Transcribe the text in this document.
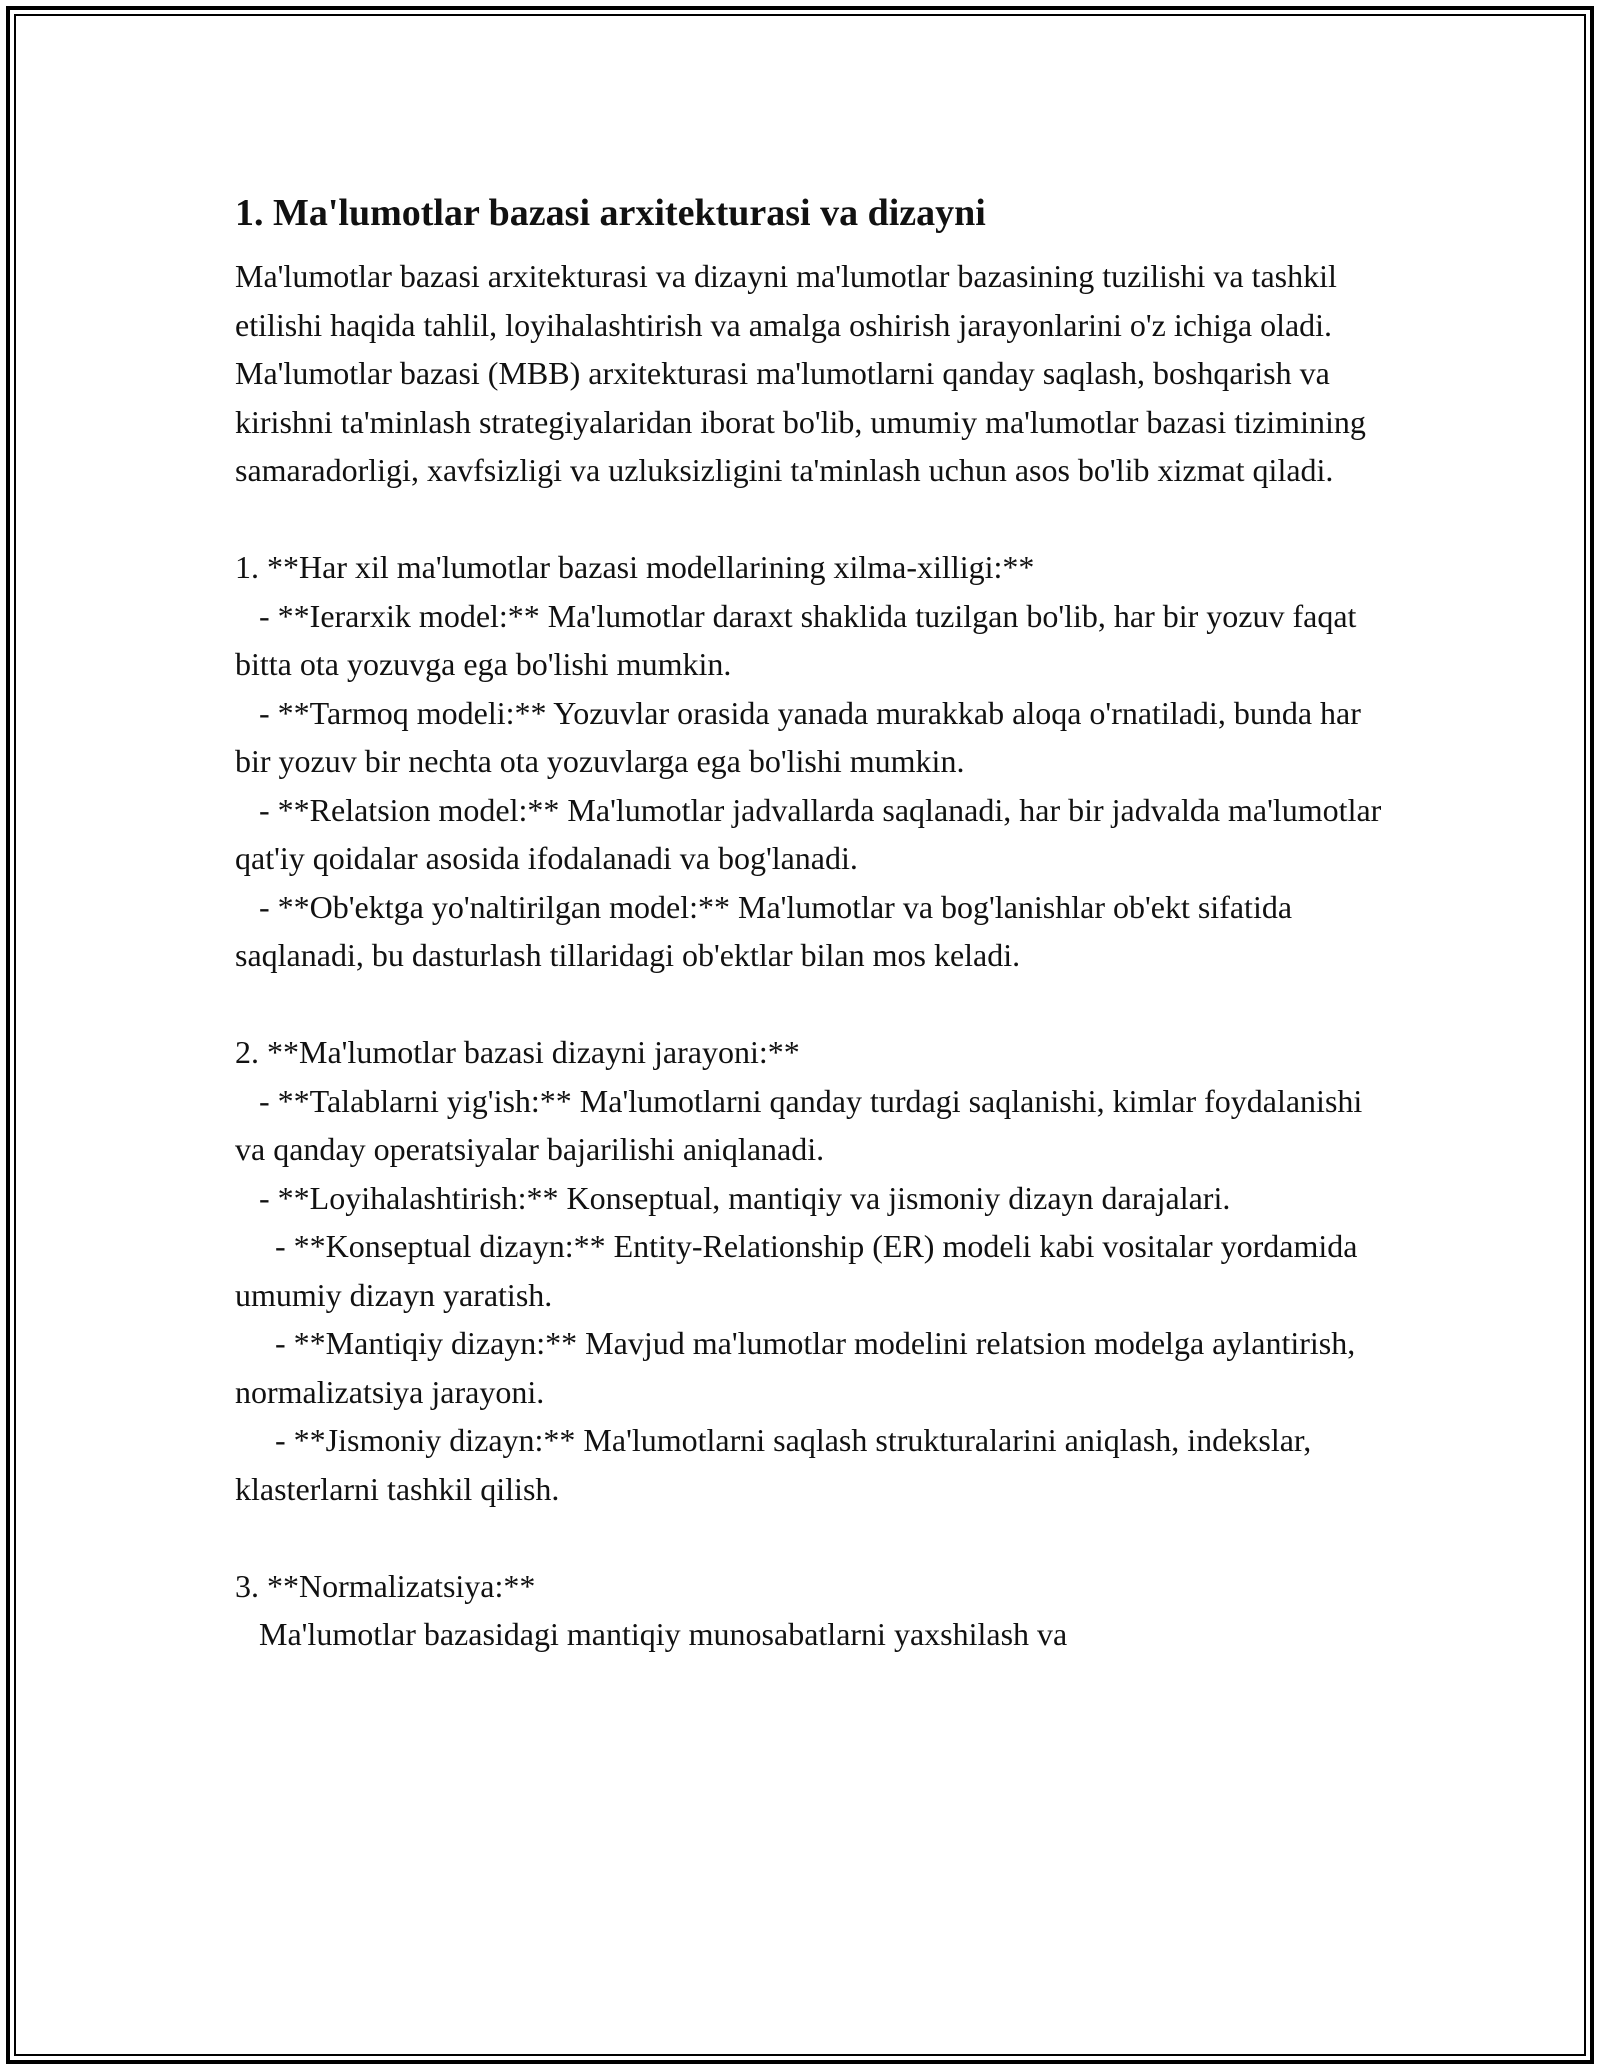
1. Ma'lumotlar bazasi arxitekturasi va dizayni

Ma'lumotlar bazasi arxitekturasi va dizayni ma'lumotlar bazasining tuzilishi va tashkil etilishi haqida tahlil, loyihalashtirish va amalga oshirish jarayonlarini o'z ichiga oladi. Ma'lumotlar bazasi (MBB) arxitekturasi ma'lumotlarni qanday saqlash, boshqarish va kirishni ta'minlash strategiyalaridan iborat bo'lib, umumiy ma'lumotlar bazasi tizimining samaradorligi, xavfsizligi va uzluksizligini ta'minlash uchun asos bo'lib xizmat qiladi.

1. **Har xil ma'lumotlar bazasi modellarining xilma-xilligi:**

- **Ierarxik model:** Ma'lumotlar daraxt shaklida tuzilgan bo'lib, har bir yozuv faqat bitta ota yozuvga ega bo'lishi mumkin.

- **Tarmoq modeli:** Yozuvlar orasida yanada murakkab aloqa o'rnatiladi, bunda har bir yozuv bir nechta ota yozuvlarga ega bo'lishi mumkin.

- **Relatsion model:** Ma'lumotlar jadvallarda saqlanadi, har bir jadvalda ma'lumotlar qat'iy qoidalar asosida ifodalanadi va bog'lanadi.

- **Ob'ektga yo'naltirilgan model:** Ma'lumotlar va bog'lanishlar ob'ekt sifatida saqlanadi, bu dasturlash tillaridagi ob'ektlar bilan mos keladi.

2. **Ma'lumotlar bazasi dizayni jarayoni:**

- **Talablarni yig'ish:** Ma'lumotlarni qanday turdagi saqlanishi, kimlar foydalanishi va qanday operatsiyalar bajarilishi aniqlanadi.

- **Loyihalashtirish:** Konseptual, mantiqiy va jismoniy dizayn darajalari.

- **Konseptual dizayn:** Entity-Relationship (ER) modeli kabi vositalar yordamida umumiy dizayn yaratish.

- **Mantiqiy dizayn:** Mavjud ma'lumotlar modelini relatsion modelga aylantirish, normalizatsiya jarayoni.

- **Jismoniy dizayn:** Ma'lumotlarni saqlash strukturalarini aniqlash, indekslar, klasterlarni tashkil qilish.

3. **Normalizatsiya:**

Ma'lumotlar bazasidagi mantiqiy munosabatlarni yaxshilash va
